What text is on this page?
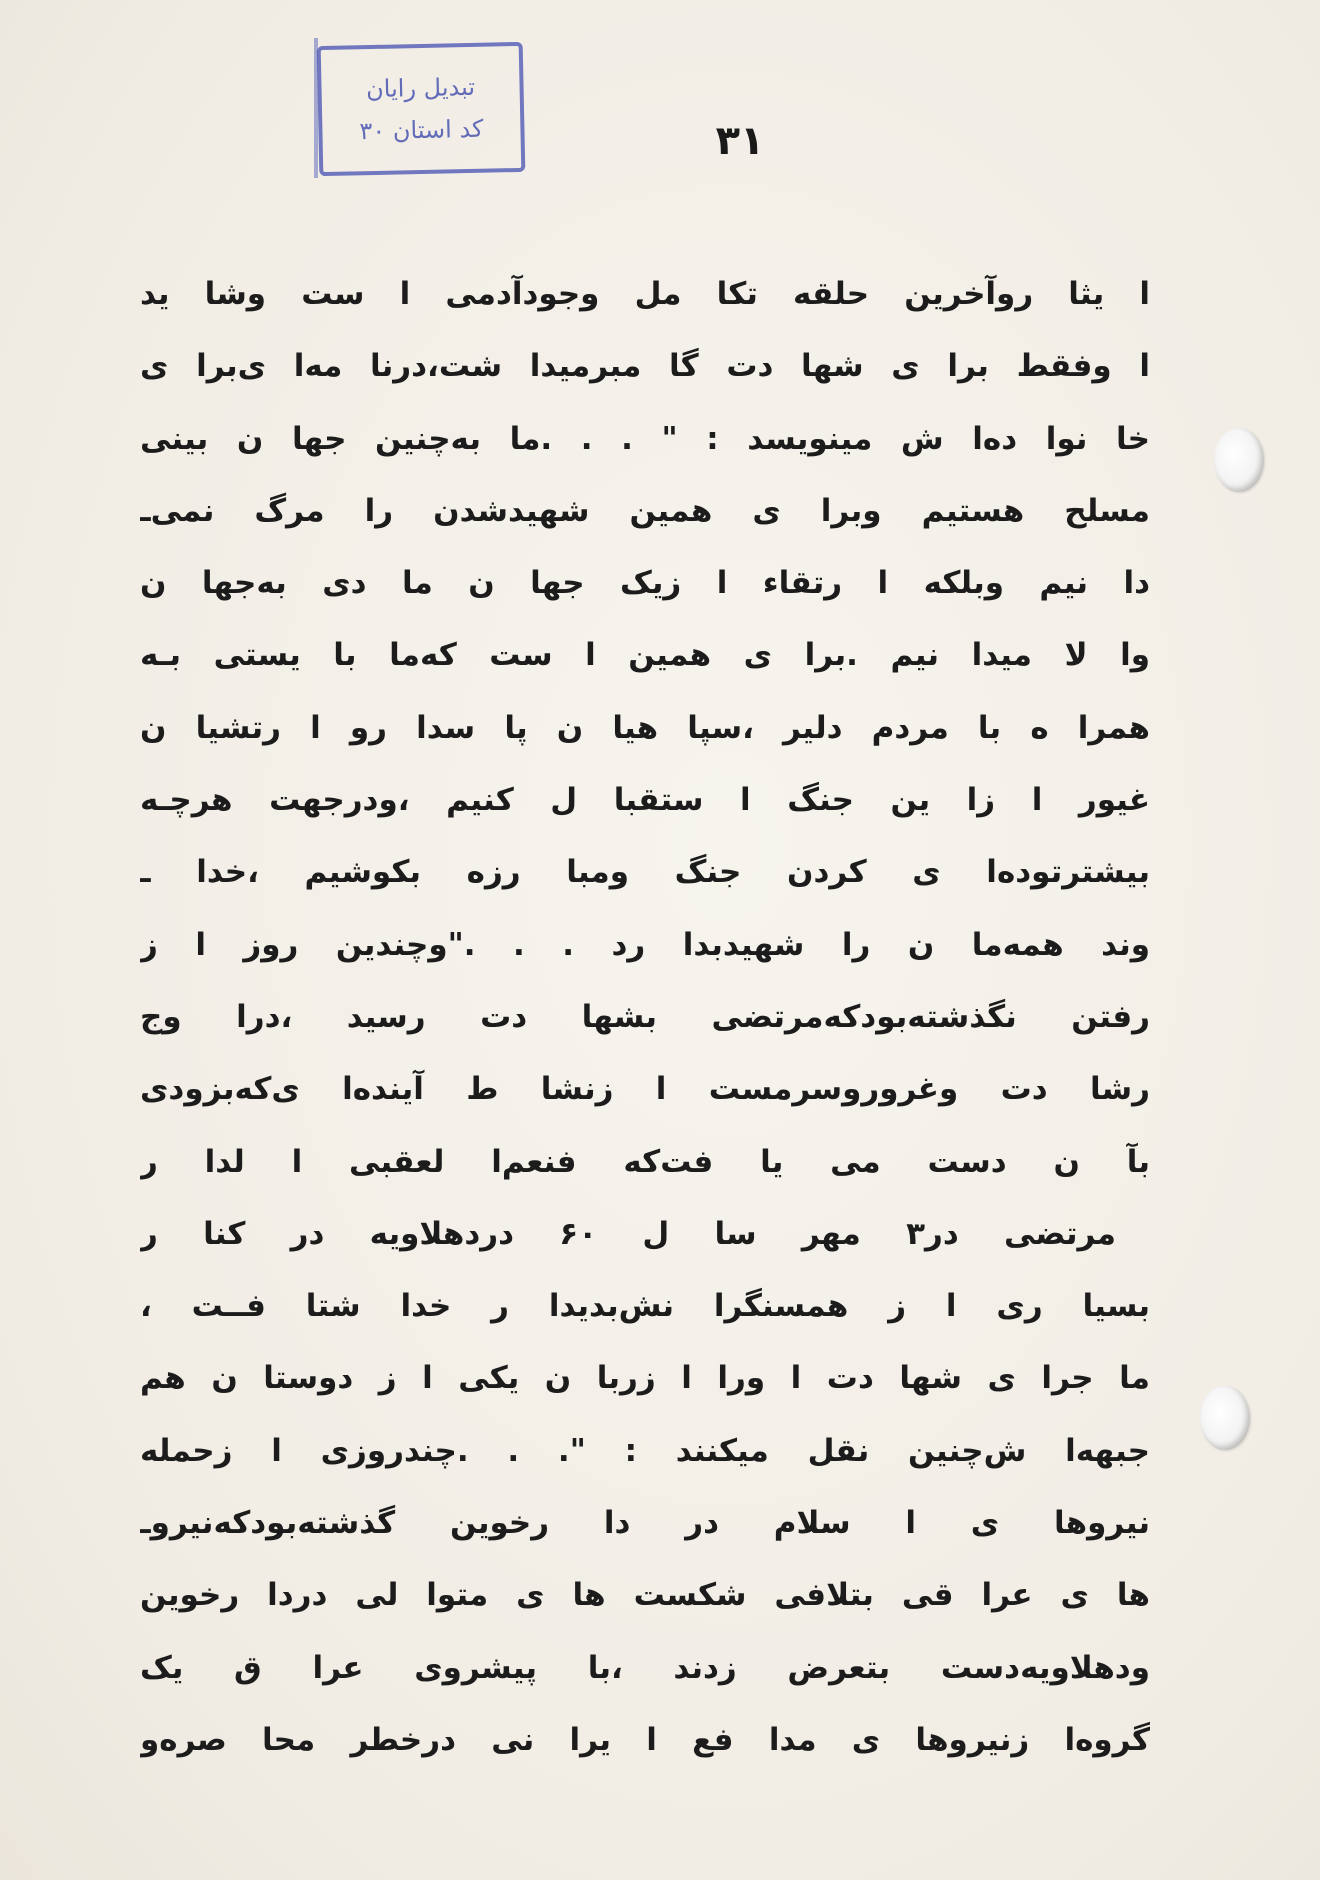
تبدیل رایان
کد استان ۳۰	۳۱
ا یثا روآخرین حلقه تکا مل وجودآدمی ا ست وشا ید
ا وفقط برا ی شها دت گا مبرمیدا شت،درنا مه‌ا ی‌برا ی
خا نوا ده‌ا ش مینویسد : " . . .ما به‌چنین جها ن بینی
مسلح هستیم وبرا ی همین شهیدشدن را مرگ نمی‌ـ
دا نیم وبلکه ا رتقاء ا زیک جها ن ما دی به‌جها ن
وا لا میدا نیم .برا ی همین ا ست که‌ما با یستی بـه
همرا ه با مردم دلیر ،سپا هیا ن پا سدا رو ا رتشیا ن
غیور ا زا ین جنگ ا ستقبا ل کنیم ،ودرجهت هرچـه
بیشترتوده‌ا ی کردن جنگ ومبا رزه بکوشیم ،خدا ـ
وند همه‌ما ن را شهیدبدا رد . . ."وچندین روز ا ز
رفتن نگذشته‌بودکه‌مرتضی بشها دت رسید ،درا وج
رشا دت وغروروسرمست ا زنشا ط آینده‌ا ی‌که‌بزودی
بآ ن دست می یا فت‌که فنعم‌ا لعقبی ا لدا ر
مرتضی در۳ مهر سا ل ۶۰ دردهلاویه در کنا ر
بسیا ری ا ز همسنگرا نش‌بدیدا ر خدا شتا فــت ،
ما جرا ی شها دت ا ورا ا زربا ن یکی ا ز دوستا ن هم
جبهه‌ا ش‌چنین نقل میکنند : ". . .چندروزی ا زحمله
نیروها ی ا سلام در دا رخوین گذشته‌بودکه‌نیروـ
ها ی عرا قی بتلافی شکست ها ی متوا لی دردا رخوین
ودهلاویه‌دست بتعرض زدند ،با پیشروی عرا ق یک
گروه‌ا زنیروها ی مدا فع ا یرا نی درخطر محا صره‌و
